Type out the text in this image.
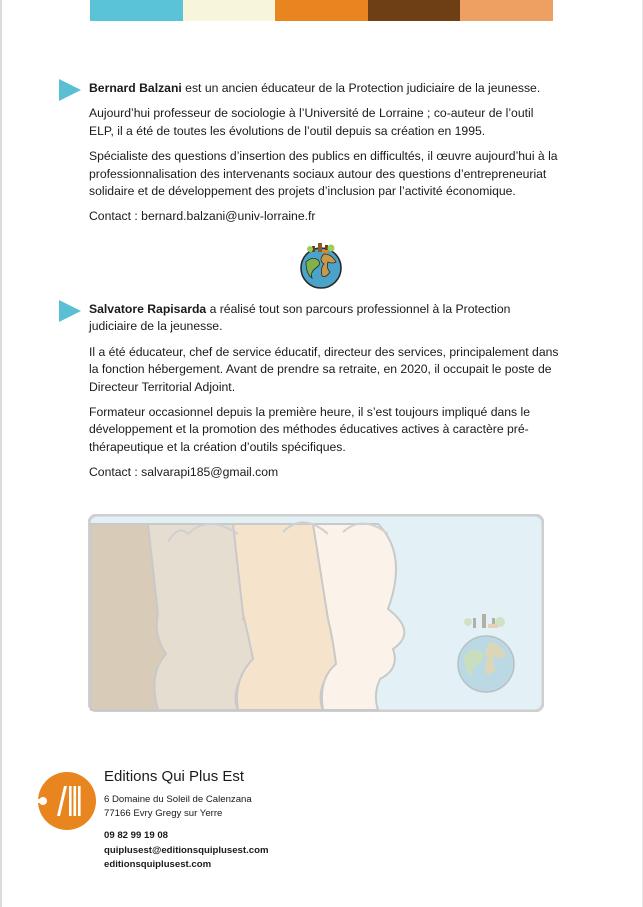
Bernard Balzani est un ancien éducateur de la Protection judiciaire de la jeunesse.

Aujourd’hui professeur de sociologie à l’Université de Lorraine ; co-auteur de l’outil ELP, il a été de toutes les évolutions de l’outil depuis sa création en 1995.

Spécialiste des questions d’insertion des publics en difficultés, il œuvre aujourd’hui à la professionnalisation des intervenants sociaux autour des questions d’entrepreneuriat solidaire et de développement des projets d’inclusion par l’activité économique.

Contact : bernard.balzani@univ-lorraine.fr

Salvatore Rapisarda a réalisé tout son parcours professionnel à la Protection judiciaire de la jeunesse.

Il a été éducateur, chef de service éducatif, directeur des services, principalement dans la fonction hébergement. Avant de prendre sa retraite, en 2020, il occupait le poste de Directeur Territorial Adjoint.

Formateur occasionnel depuis la première heure, il s’est toujours impliqué dans le développement et la promotion des méthodes éducatives actives à caractère pré-thérapeutique et la création d’outils spécifiques.

Contact : salvarapi185@gmail.com

Editions Qui Plus Est
6 Domaine du Soleil de Calenzana
77166 Evry Gregy sur Yerre
09 82 99 19 08
quiplusest@editionsquiplusest.com
editionsquiplusest.com
